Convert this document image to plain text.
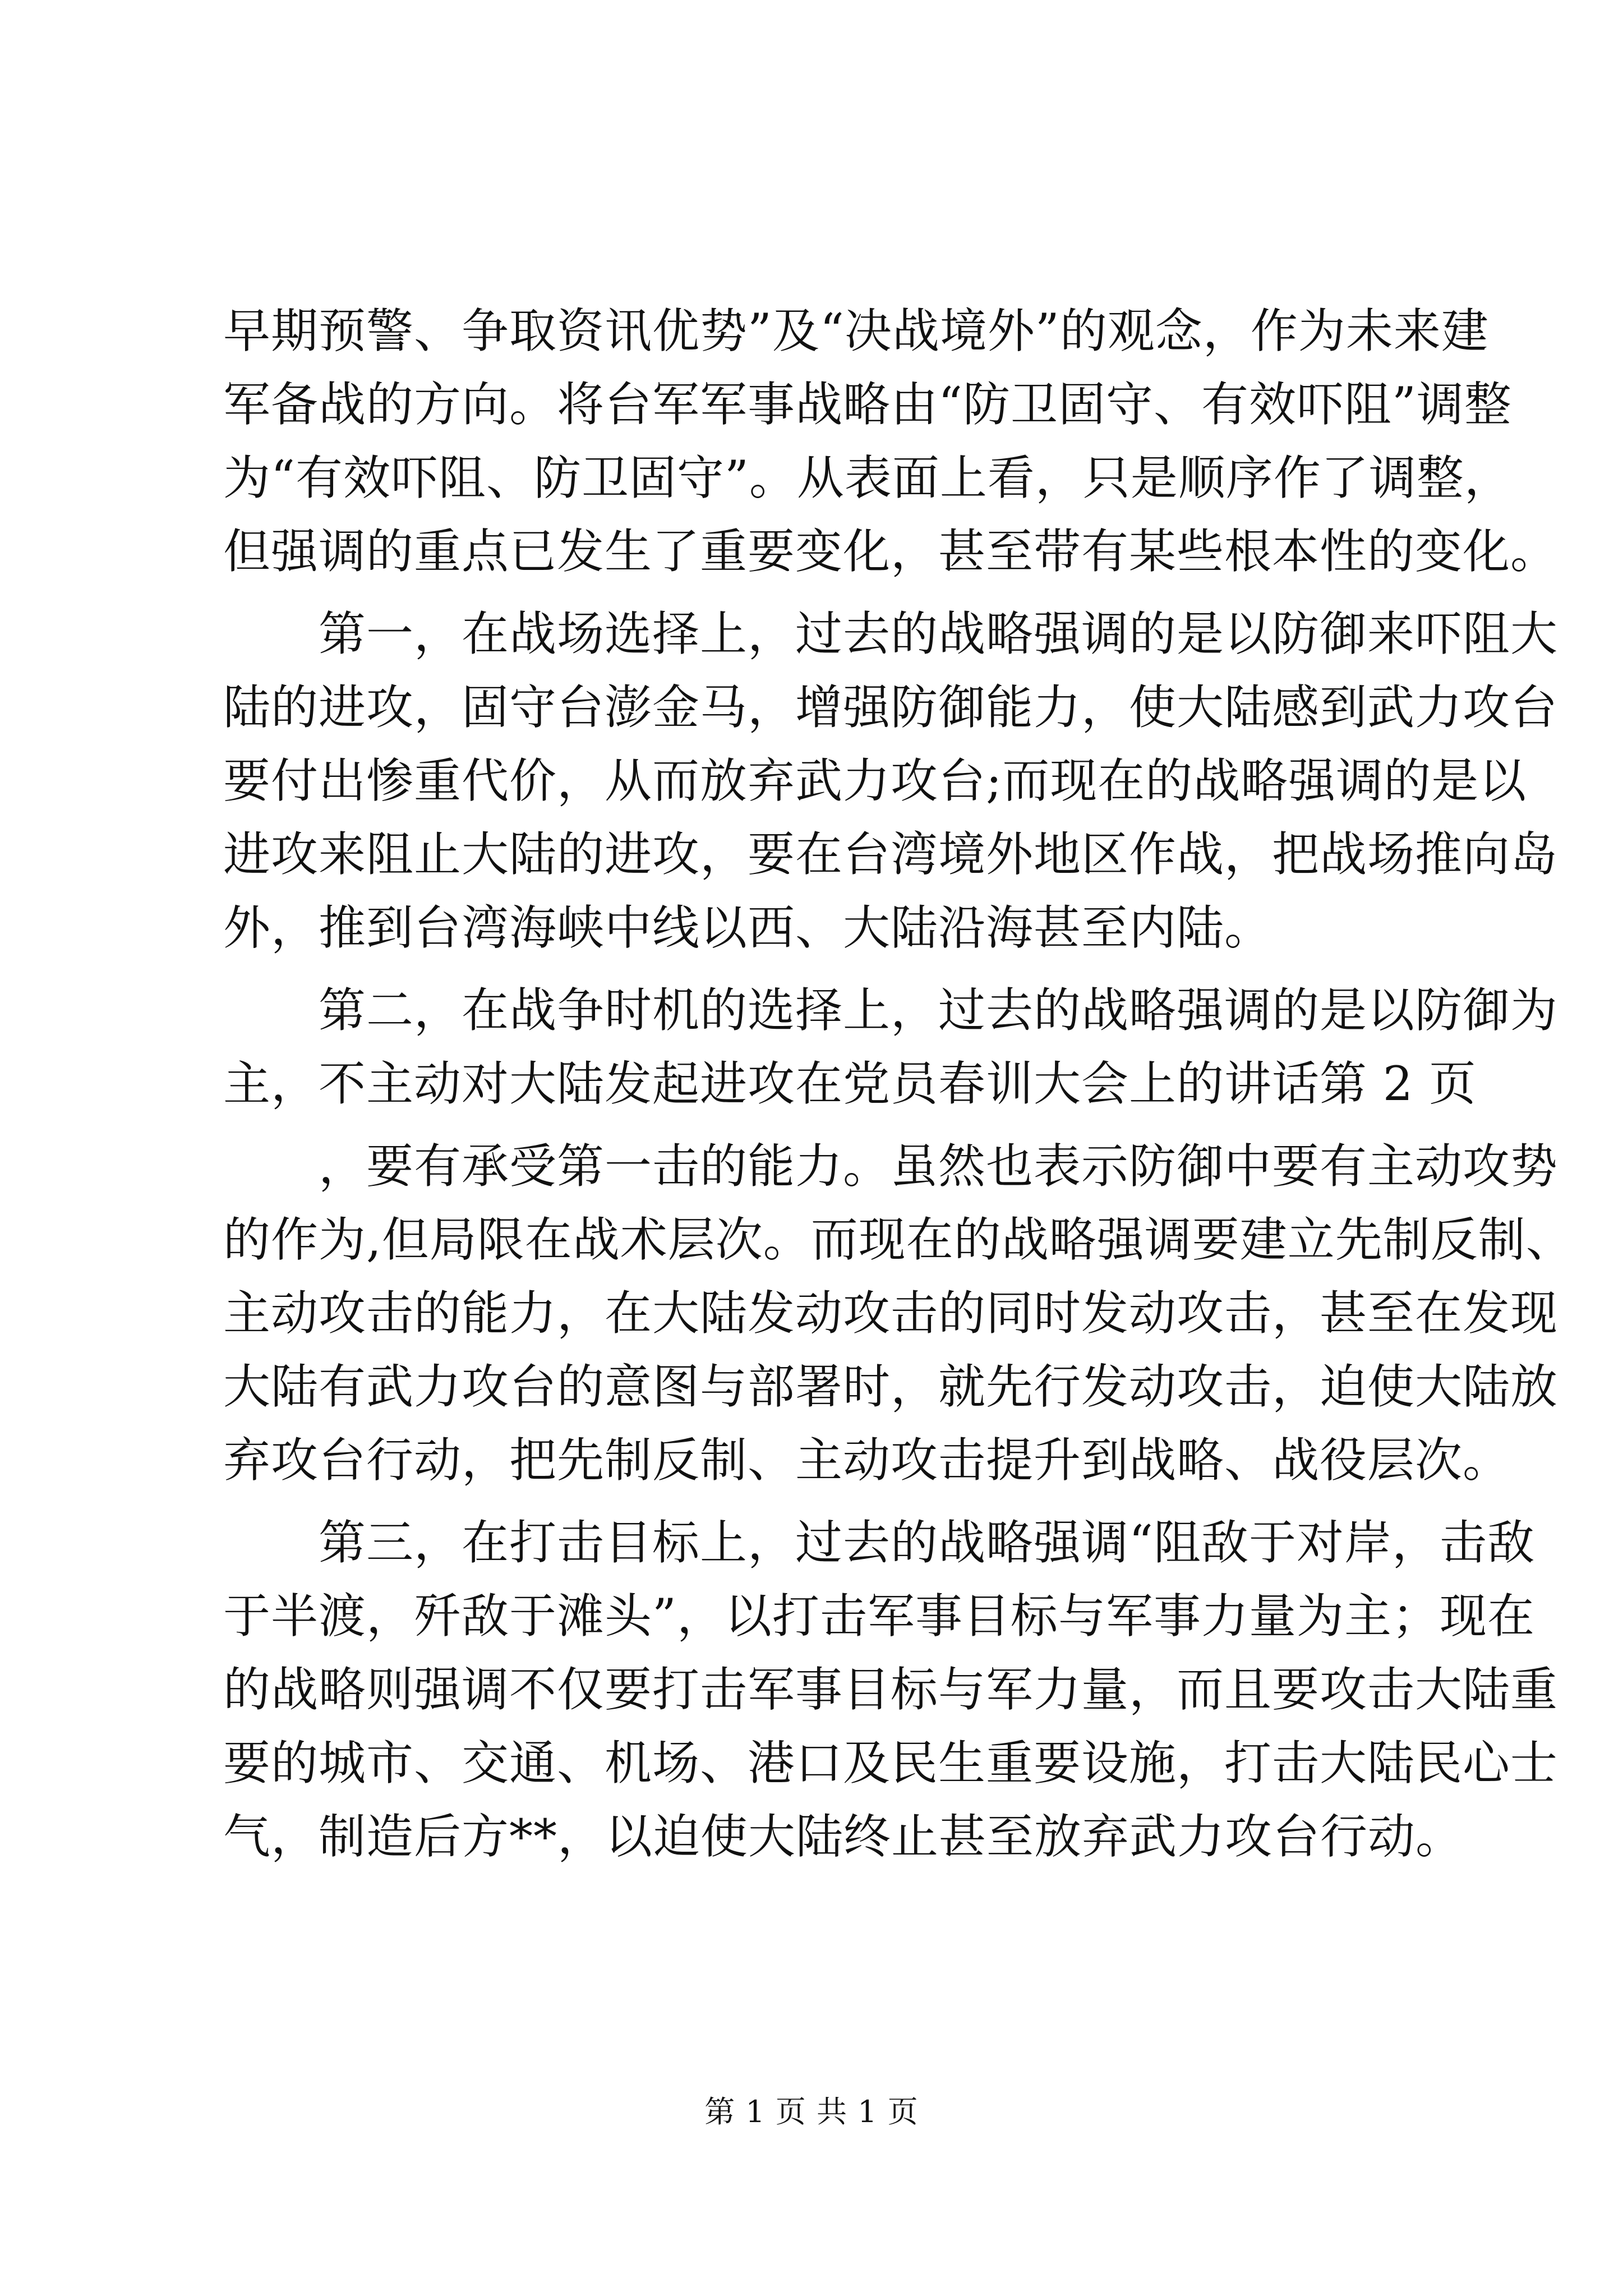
早期预警、争取资讯优势”及“决战境外”的观念，作为未来建
军备战的方向。将台军军事战略由“防卫固守、有效吓阻”调整
为“有效吓阻、防卫固守”。从表面上看，只是顺序作了调整，
但强调的重点已发生了重要变化，甚至带有某些根本性的变化。

　　第一，在战场选择上，过去的战略强调的是以防御来吓阻大
陆的进攻，固守台澎金马，增强防御能力，使大陆感到武力攻台
要付出惨重代价，从而放弃武力攻台;而现在的战略强调的是以
进攻来阻止大陆的进攻，要在台湾境外地区作战，把战场推向岛
外，推到台湾海峡中线以西、大陆沿海甚至内陆。

　　第二，在战争时机的选择上，过去的战略强调的是以防御为
主，不主动对大陆发起进攻在党员春训大会上的讲话第 2 页

　　，要有承受第一击的能力。虽然也表示防御中要有主动攻势
的作为,但局限在战术层次。而现在的战略强调要建立先制反制、
主动攻击的能力，在大陆发动攻击的同时发动攻击，甚至在发现
大陆有武力攻台的意图与部署时，就先行发动攻击，迫使大陆放
弃攻台行动，把先制反制、主动攻击提升到战略、战役层次。

　　第三，在打击目标上，过去的战略强调“阻敌于对岸，击敌
于半渡，歼敌于滩头”，以打击军事目标与军事力量为主；现在
的战略则强调不仅要打击军事目标与军力量，而且要攻击大陆重
要的城市、交通、机场、港口及民生重要设施，打击大陆民心士
气，制造后方**，以迫使大陆终止甚至放弃武力攻台行动。

第 1 页 共 1 页
